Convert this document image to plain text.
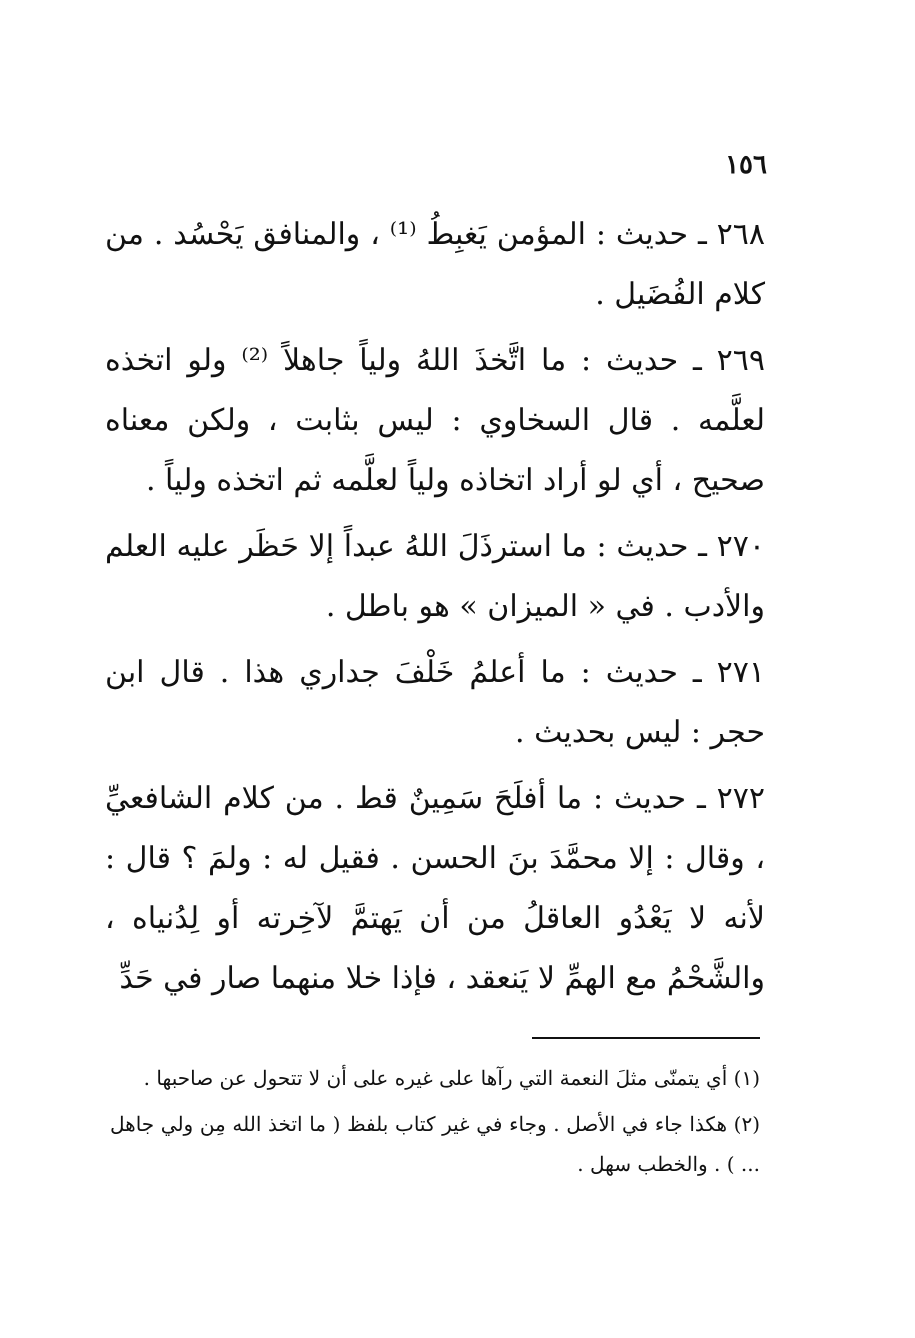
١٥٦

٢٦٨ ـ حديث : المؤمن يَغبِطُ ⁽¹⁾ ، والمنافق يَحْسُد . من كلام الفُضَيل .

٢٦٩ ـ حديث : ما اتَّخذَ اللهُ ولياً جاهلاً ⁽²⁾ ولو اتخذه لعلَّمه . قال السخاوي : ليس بثابت ، ولكن معناه صحيح ، أي لو أراد اتخاذه ولياً لعلَّمه ثم اتخذه ولياً .

٢٧٠ ـ حديث : ما استرذَلَ اللهُ عبداً إلا حَظَر عليه العلم والأدب . في « الميزان » هو باطل .

٢٧١ ـ حديث : ما أعلمُ خَلْفَ جداري هذا . قال ابن حجر : ليس بحديث .

٢٧٢ ـ حديث : ما أفلَحَ سَمِينٌ قط . من كلام الشافعيِّ ، وقال : إلا محمَّدَ بنَ الحسن . فقيل له : ولمَ ؟ قال : لأنه لا يَعْدُو العاقلُ من أن يَهتمَّ لآخِرته أو لِدُنياه ، والشَّحْمُ مع الهمِّ لا يَنعقد ، فإذا خلا منهما صار في حَدِّ

(١) أي يتمنّى مثلَ النعمة التي رآها على غيره على أن لا تتحول عن صاحبها .

(٢) هكذا جاء في الأصل . وجاء في غير كتاب بلفظ ( ما اتخذ الله مِن ولي جاهل ... ) . والخطب سهل .
